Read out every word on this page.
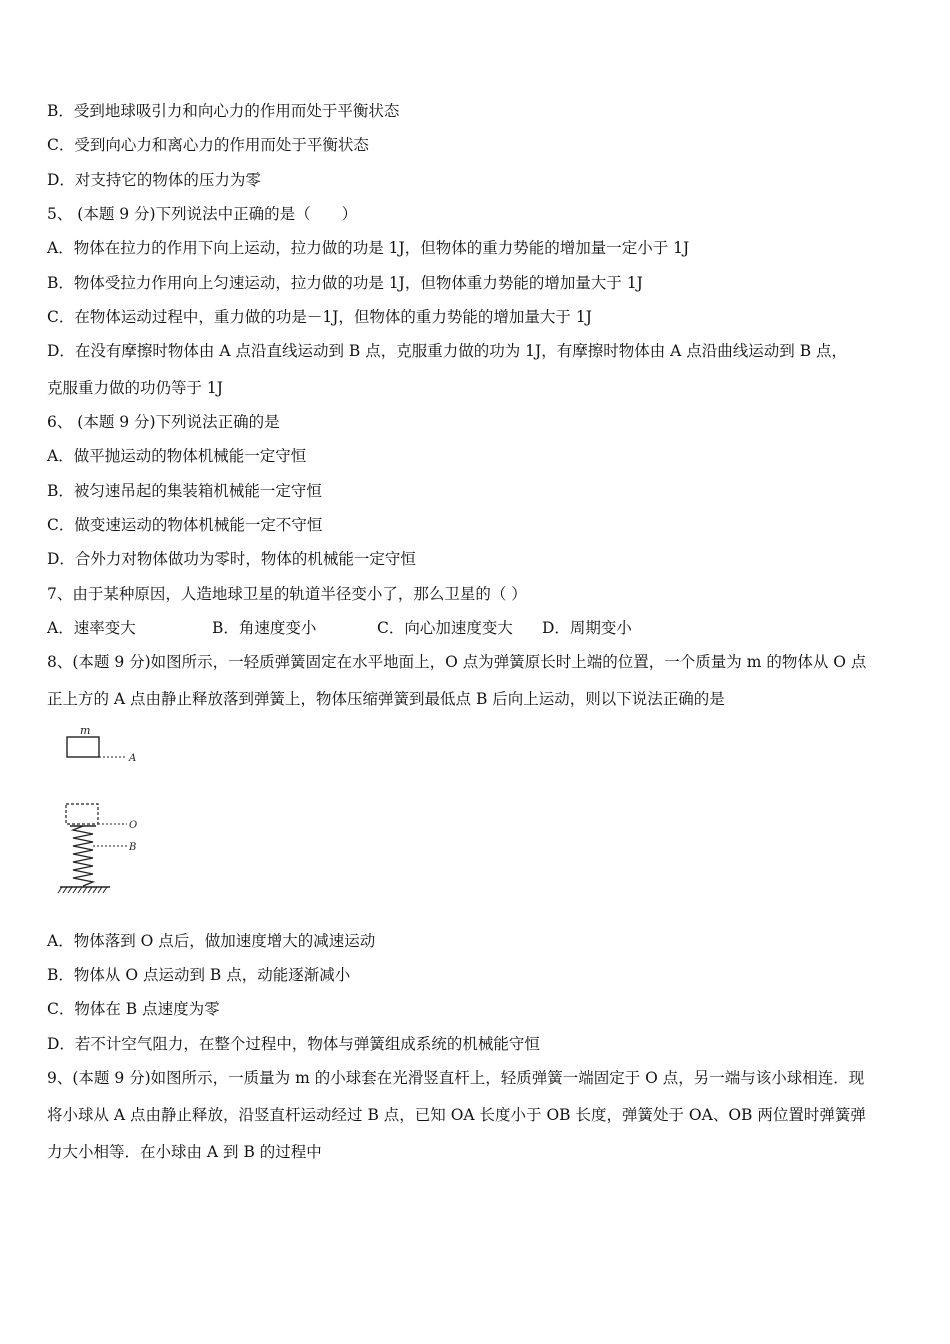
B．受到地球吸引力和向心力的作用而处于平衡状态
C．受到向心力和离心力的作用而处于平衡状态
D．对支持它的物体的压力为零
5、 (本题 9 分)下列说法中正确的是（　　）
A．物体在拉力的作用下向上运动，拉力做的功是 1J，但物体的重力势能的增加量一定小于 1J
B．物体受拉力作用向上匀速运动，拉力做的功是 1J，但物体重力势能的增加量大于 1J
C．在物体运动过程中，重力做的功是－1J，但物体的重力势能的增加量大于 1J
D．在没有摩擦时物体由 A 点沿直线运动到 B 点，克服重力做的功为 1J，有摩擦时物体由 A 点沿曲线运动到 B 点，
克服重力做的功仍等于 1J
6、 (本题 9 分)下列说法正确的是
A．做平抛运动的物体机械能一定守恒
B．被匀速吊起的集装箱机械能一定守恒
C．做变速运动的物体机械能一定不守恒
D．合外力对物体做功为零时，物体的机械能一定守恒
7、由于某种原因，人造地球卫星的轨道半径变小了，那么卫星的（ ）
A．速率变大	B．角速度变小	C．向心加速度变大 D．周期变小
8、(本题 9 分)如图所示，一轻质弹簧固定在水平地面上，O 点为弹簧原长时上端的位置，一个质量为 m 的物体从 O 点
正上方的 A 点由静止释放落到弹簧上，物体压缩弹簧到最低点 B 后向上运动，则以下说法正确的是
m
A
O
B
A．物体落到 O 点后，做加速度增大的减速运动
B．物体从 O 点运动到 B 点，动能逐渐减小
C．物体在 B 点速度为零
D．若不计空气阻力，在整个过程中，物体与弹簧组成系统的机械能守恒
9、(本题 9 分)如图所示，一质量为 m 的小球套在光滑竖直杆上，轻质弹簧一端固定于 O 点，另一端与该小球相连．现
将小球从 A 点由静止释放，沿竖直杆运动经过 B 点，已知 OA 长度小于 OB 长度，弹簧处于 OA、OB 两位置时弹簧弹
力大小相等．在小球由 A 到 B 的过程中
